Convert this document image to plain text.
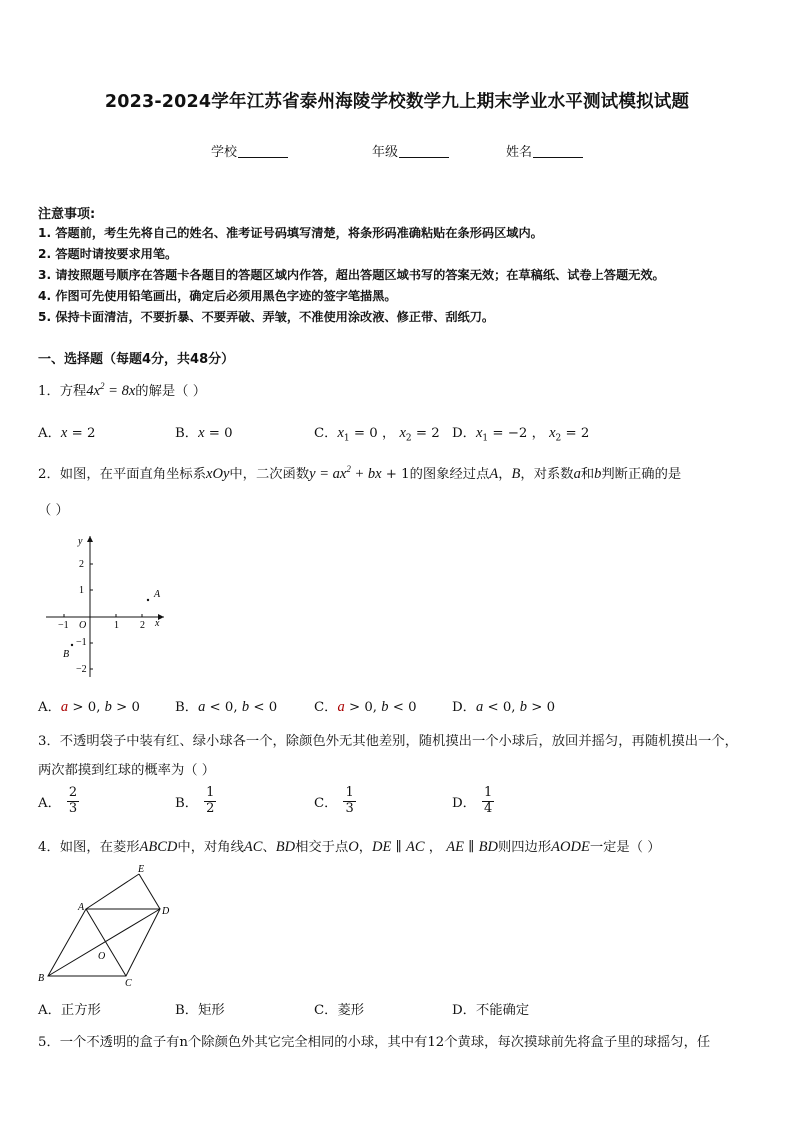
2023-2024学年江苏省泰州海陵学校数学九上期末学业水平测试模拟试题
学校	年级	姓名
注意事项:
1. 答题前，考生先将自己的姓名、准考证号码填写清楚，将条形码准确粘贴在条形码区域内。
2. 答题时请按要求用笔。
3. 请按照题号顺序在答题卡各题目的答题区域内作答，超出答题区域书写的答案无效；在草稿纸、试卷上答题无效。
4. 作图可先使用铅笔画出，确定后必须用黑色字迹的签字笔描黑。
5. 保持卡面清洁，不要折暴、不要弄破、弄皱，不准使用涂改液、修正带、刮纸刀。
一、选择题（每题4分，共48分）
1．方程$4x^2 = 8x$的解是（ ）
A．x = 2	B．x = 0	C．$x_1 = 0$ ， $x_2 = 2$ D．$x_1 = -2$ ， $x_2 = 2$
2．如图，在平面直角坐标系xOy中，二次函数$y = ax^2$ + bx + 1的图象经过点A，B，对系数a和b判断正确的是
（ ）
y
x
2
1
−1 O	1 2
−1
−2
A
B
A．a > 0, b > 0	B．a < 0, b < 0	C．a > 0, b < 0	D．a < 0, b > 0
3．不透明袋子中装有红、绿小球各一个，除颜色外无其他差别，随机摸出一个小球后，放回并摇匀，再随机摸出一个，
两次都摸到红球的概率为（ ）
A． $\frac{2}{3}$	B． $\frac{1}{2}$	C． $\frac{1}{3}$	D． $\frac{1}{4}$
4．如图，在菱形ABCD中，对角线AC、BD相交于点O，DE ∥ AC ， AE ∥ BD则四边形AODE一定是（ ）
E
A	D
O
B	C
A．正方形	B．矩形	C．菱形	D．不能确定
5．一个不透明的盒子有n个除颜色外其它完全相同的小球，其中有12个黄球，每次摸球前先将盒子里的球摇匀，任
